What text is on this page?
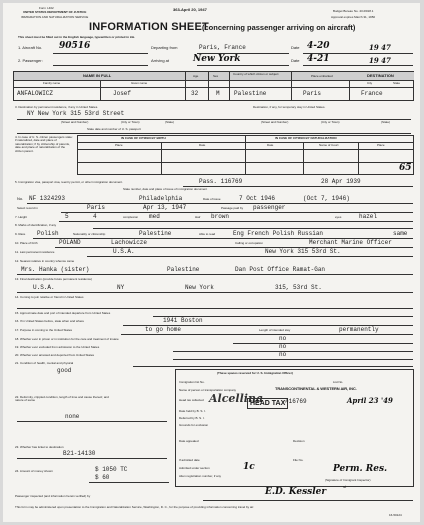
Form I-402
UNITED STATES DEPARTMENT OF JUSTICE
IMMIGRATION AND NATURALIZATION SERVICE
363-April 20, 1947	Budget Bureau No. 43-R018.1
Approval expires March 31, 1950
INFORMATION SHEET
(concerning passenger arriving on aircraft)
This sheet must be filled out in the English language, typewritten or printed in ink.
1. Aircraft No. 90516
2. Passenger:
Departing from	Paris, France
Arriving at	New York
Date
Date
4-20
4-21
19 47
19 47
NAME IN FULL
Family name	Given name
Age	Sex	Country of which citizen or subject	Place embarked	DESTINATION
City	State
ANFALOWICZ	Josef	32	M Palestine	Paris	France
3. Destination by permanent residence, if any in United States.	Destination, if any, for temporary stay in United States.
NY New York 315 53rd Street
(Street and Number)	(City or Town)	(State)	(Street and Number)	(City or Town)	(State)
State date and number of U. S. passport
4. In case of U. S. citizen passengers state: if naturalized, date and place of naturalization; if by citizenship of parents, date and place of naturalization of the citizen parent.
IN CASE OF CITIZEN BY BIRTH	IN CASE OF CITIZEN BY NATURALIZATION
Place	Date	Date	Name of Court	Place
65
5. Immigration visa, passport visa, reentry permit, or other immigration document.	Pass. 116769	28 Apr 1939
State number, date and place of issue of immigration document
No. NF 1324293	Philadelphia	Date of issue	7 Oct 1946	(Oct 7, 1946)
Select record in	Paris	Apr 13, 1947	Passage paid by passenger
7. Height	5	4	complexion med	Hair brown	eyes	hazel
8. Marks of identification, if any
9. Race Polish	Nationality or citizenship	Palestine	Able to read	Eng French Polish Russian	same
10. Place of birth	POLAND	Lachowicze	Calling or occupation	Merchant Marine Officer
11. Last permanent residence	U.S.A.	New York 315 53rd St.
12. Nearest relative in country whence came
Mrs. Hanka (sister)	Palestine	Dan Post Office Ramat-Gan
13. Final destination (provide future permanent residence)
U.S.A.	NY	New York	315, 53rd St.
14. Coming to join relative or friend in United States
15. Approximate date and port of intended departure from United States
16. If in United States before, state when and where	1941 Boston
17. Purpose in coming to the United States	to go home	Length of intended stay	permanently
18. Whether ever in prison or in institution for the care and treatment of insane	no
19. Whether ever excluded from admission to the United States	no
20. Whether ever arrested and deported from United States	no
21. Condition of health, mental and physical
good
22. Deformity, crippled condition, length of time and cause thereof, and nature of same
none
23. Whether has ticket to destination
B21-14130
24. Amount of money shown	$ 1050 TC
$ 60
(These spaces reserved for U. S. Immigration Officer)
Immigration list No.	List No.
Name of person or transportation company	TRANSCONTINENTAL & WESTERN AIR, INC.
Head tax collected Alcellina
HEAD TAX #16769	April 23 '49
Date held by B. S. I.
Deferred by B. S. I.
Grounds for exclusion
Date appealed	Decision
If admitted date	File No.
Admitted under section	1c
Alien registration number, if any
Perm. Res.
(Signature of Immigrant Inspector)
Passenger inspected (and information herein verified) by	E.D. Kessler
st
This form may be administered upon presentation to the Immigration and Naturalization Service, Washington, D. C., for the purpose of providing information concerning travel by air.
16-50124
